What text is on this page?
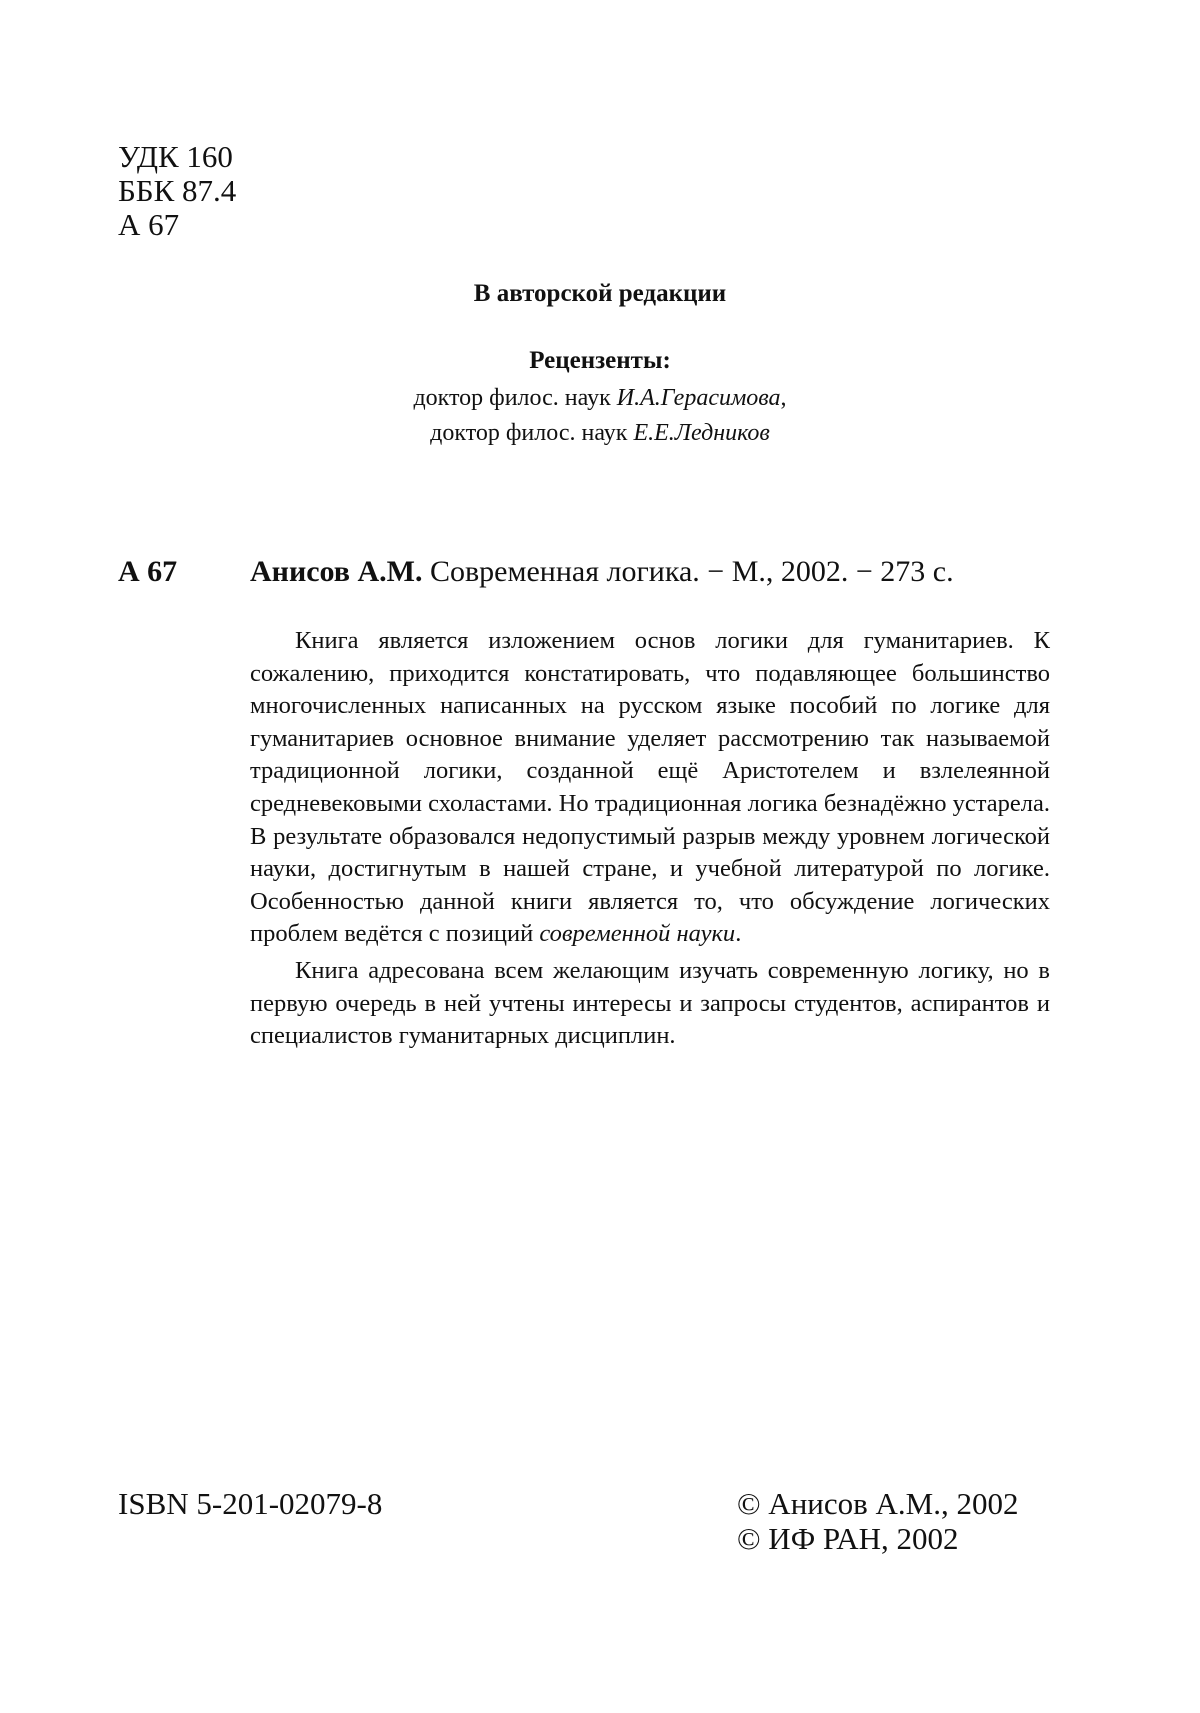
УДК 160
ББК 87.4
А 67
В авторской редакции
Рецензенты:
доктор филос. наук И.А.Герасимова,
доктор филос. наук Е.Е.Ледников
А 67 Анисов А.М. Современная логика. − М., 2002. − 273 с.

Книга является изложением основ логики для гуманитариев. К сожалению, приходится констатировать, что подавляющее большинство многочисленных написанных на русском языке пособий по логике для гуманитариев основное внимание уделяет рассмотрению так называемой традиционной логики, созданной ещё Аристотелем и взлелеянной средневековыми схоластами. Но традиционная логика безнадёжно устарела. В результате образовался недопустимый разрыв между уровнем логической науки, достигнутым в нашей стране, и учебной литературой по логике. Особенностью данной книги является то, что обсуждение логических проблем ведётся с позиций современной науки.

Книга адресована всем желающим изучать современную логику, но в первую очередь в ней учтены интересы и запросы студентов, аспирантов и специалистов гуманитарных дисциплин.

ISBN 5-201-02079-8	© Анисов А.М., 2002
© ИФ РАН, 2002
